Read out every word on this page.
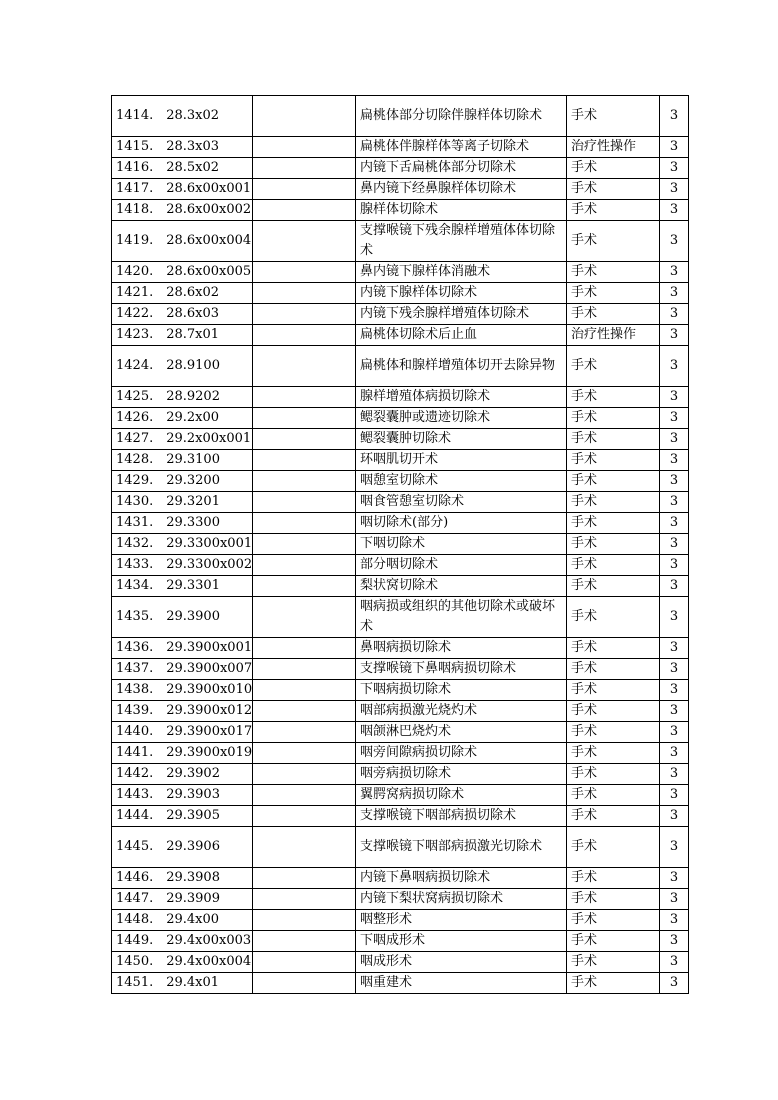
1414.　28.3x02		扁桃体部分切除伴腺样体切除术	手术	3
1415.　28.3x03		扁桃体伴腺样体等离子切除术	治疗性操作	3
1416.　28.5x02		内镜下舌扁桃体部分切除术	手术	3
1417.　28.6x00x001		鼻内镜下经鼻腺样体切除术	手术	3
1418.　28.6x00x002		腺样体切除术	手术	3
1419.　28.6x00x004		支撑喉镜下残余腺样增殖体体切除术	手术	3
1420.　28.6x00x005		鼻内镜下腺样体消融术	手术	3
1421.　28.6x02		内镜下腺样体切除术	手术	3
1422.　28.6x03		内镜下残余腺样增殖体切除术	手术	3
1423.　28.7x01		扁桃体切除术后止血	治疗性操作	3
1424.　28.9100		扁桃体和腺样增殖体切开去除异物	手术	3
1425.　28.9202		腺样增殖体病损切除术	手术	3
1426.　29.2x00		鳃裂囊肿或遗迹切除术	手术	3
1427.　29.2x00x001		鳃裂囊肿切除术	手术	3
1428.　29.3100		环咽肌切开术	手术	3
1429.　29.3200		咽憩室切除术	手术	3
1430.　29.3201		咽食管憩室切除术	手术	3
1431.　29.3300		咽切除术(部分)	手术	3
1432.　29.3300x001		下咽切除术	手术	3
1433.　29.3300x002		部分咽切除术	手术	3
1434.　29.3301		梨状窝切除术	手术	3
1435.　29.3900		咽病损或组织的其他切除术或破坏术	手术	3
1436.　29.3900x001		鼻咽病损切除术	手术	3
1437.　29.3900x007		支撑喉镜下鼻咽病损切除术	手术	3
1438.　29.3900x010		下咽病损切除术	手术	3
1439.　29.3900x012		咽部病损激光烧灼术	手术	3
1440.　29.3900x017		咽颌淋巴烧灼术	手术	3
1441.　29.3900x019		咽旁间隙病损切除术	手术	3
1442.　29.3902		咽旁病损切除术	手术	3
1443.　29.3903		翼腭窝病损切除术	手术	3
1444.　29.3905		支撑喉镜下咽部病损切除术	手术	3
1445.　29.3906		支撑喉镜下咽部病损激光切除术	手术	3
1446.　29.3908		内镜下鼻咽病损切除术	手术	3
1447.　29.3909		内镜下梨状窝病损切除术	手术	3
1448.　29.4x00		咽整形术	手术	3
1449.　29.4x00x003		下咽成形术	手术	3
1450.　29.4x00x004		咽成形术	手术	3
1451.　29.4x01		咽重建术	手术	3
